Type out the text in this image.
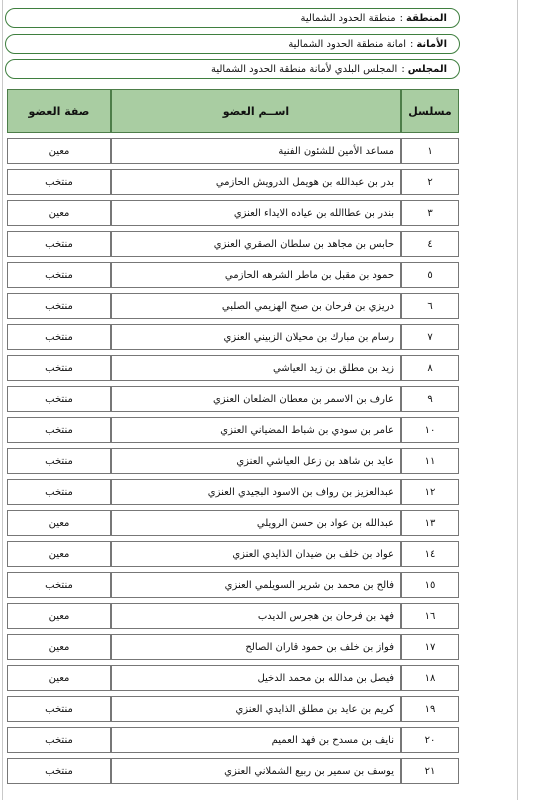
المنطقة
:
منطقة الحدود الشمالية
الأمانة
:
امانة منطقة الحدود الشمالية
المجلس
:
المجلس البلدي لأمانة منطقة الحدود الشمالية
مسلسل	اســم العضو	صفة العضو
١	مساعد الأمين للشئون الفنية	معين
٢	بدر بن عبدالله بن هويمل الدرويش الحازمي	منتخب
٣	بندر بن عطاالله بن عياده الايداء العنزي	معين
٤	حابس بن مجاهد بن سلطان الصقري العنزي	منتخب
٥	حمود بن مقبل بن ماطر الشرهه الحازمي	منتخب
٦	دريزي بن فرحان بن صبح الهزيمي الصلبي	منتخب
٧	رسام بن مبارك بن محيلان الزبيني العنزي	منتخب
٨	زيد بن مطلق بن زيد العياشي	منتخب
٩	عارف بن الاسمر بن معطان الضلعان العنزي	منتخب
١٠	عامر بن سودي بن شباط المضياني العنزي	منتخب
١١	عايد بن شاهد بن زعل العياشي العنزي	منتخب
١٢	عبدالعزيز بن رواف بن الاسود البجيدي العنزي	منتخب
١٣	عبدالله بن عواد بن حسن الرويلي	معين
١٤	عواد بن خلف بن ضيدان الذايدي العنزي	معين
١٥	فالح بن محمد بن شرير السويلمي العنزي	منتخب
١٦	فهد بن فرحان بن هجرس الديدب	معين
١٧	فواز بن خلف بن حمود قاران الصالح	معين
١٨	فيصل بن مدالله بن محمد الدخيل	معين
١٩	كريم بن عايد بن مطلق الذايدي العنزي	منتخب
٢٠	نايف بن مسدح بن فهد العميم	منتخب
٢١	يوسف بن سمير بن ربيع الشملاني العنزي	منتخب
